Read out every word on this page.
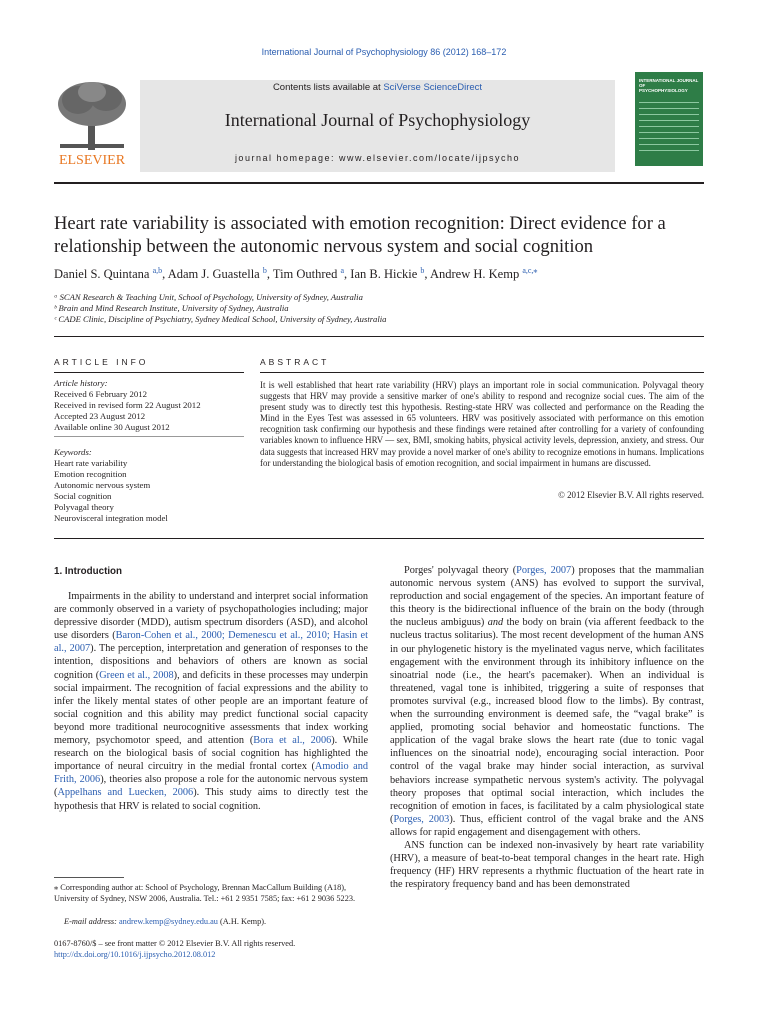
International Journal of Psychophysiology 86 (2012) 168–172
ELSEVIER
Contents lists available at SciVerse ScienceDirect
International Journal of Psychophysiology
journal homepage: www.elsevier.com/locate/ijpsycho
INTERNATIONAL JOURNAL OF
PSYCHOPHYSIOLOGY
Heart rate variability is associated with emotion recognition: Direct evidence for a relationship between the autonomic nervous system and social cognition
Daniel S. Quintana $^{a,b}$, Adam J. Guastella $^b$, Tim Outhred $^a$, Ian B. Hickie $^b$, Andrew H. Kemp $^{a,c,⁎}$
ᵃ SCAN Research & Teaching Unit, School of Psychology, University of Sydney, Australia
ᵇ Brain and Mind Research Institute, University of Sydney, Australia
ᶜ CADE Clinic, Discipline of Psychiatry, Sydney Medical School, University of Sydney, Australia
ARTICLE INFO
Article history:
Received 6 February 2012
Received in revised form 22 August 2012
Accepted 23 August 2012
Available online 30 August 2012
Keywords:
Heart rate variability
Emotion recognition
Autonomic nervous system
Social cognition
Polyvagal theory
Neurovisceral integration model
ABSTRACT
It is well established that heart rate variability (HRV) plays an important role in social communication. Polyvagal theory suggests that HRV may provide a sensitive marker of one's ability to respond and recognize social cues. The aim of the present study was to directly test this hypothesis. Resting-state HRV was collected and performance on the Reading the Mind in the Eyes Test was assessed in 65 volunteers. HRV was positively associated with performance on this emotion recognition task confirming our hypothesis and these findings were retained after controlling for a variety of confounding variables known to influence HRV — sex, BMI, smoking habits, physical activity levels, depression, anxiety, and stress. Our data suggests that increased HRV may provide a novel marker of one's ability to recognize emotions in humans. Implications for understanding the biological basis of emotion recognition, and social impairment in humans are discussed.
© 2012 Elsevier B.V. All rights reserved.
1. Introduction

Impairments in the ability to understand and interpret social information are commonly observed in a variety of psychopathologies including; major depressive disorder (MDD), autism spectrum disorders (ASD), and alcohol use disorders (Baron-Cohen et al., 2000; Demenescu et al., 2010; Hasin et al., 2007). The perception, interpretation and generation of responses to the intention, dispositions and behaviors of others are known as social cognition (Green et al., 2008), and deficits in these processes may underpin social impairment. The recognition of facial expressions and the ability to infer the likely mental states of other people are an important feature of social cognition and this ability may predict functional social capacity beyond more traditional neurocognitive assessments that index working memory, psychomotor speed, and attention (Bora et al., 2006). While research on the biological basis of social cognition has highlighted the importance of neural circuitry in the medial frontal cortex (Amodio and Frith, 2006), theories also propose a role for the autonomic nervous system (Appelhans and Luecken, 2006). This study aims to directly test the hypothesis that HRV is related to social cognition.

Porges' polyvagal theory (Porges, 2007) proposes that the mammalian autonomic nervous system (ANS) has evolved to support the survival, reproduction and social engagement of the species. An important feature of this theory is the bidirectional influence of the brain on the body (through the nucleus ambiguus) and the body on brain (via afferent feedback to the nucleus tractus solitarius). The most recent development of the human ANS in our phylogenetic history is the myelinated vagus nerve, which facilitates engagement with the environment through its inhibitory influence on the sinoatrial node (i.e., the heart's pacemaker). When an individual is threatened, vagal tone is inhibited, triggering a suite of responses that promotes survival (e.g., increased blood flow to the limbs). By contrast, when the surrounding environment is deemed safe, the “vagal brake” is applied, promoting social behavior and homeostatic functions. The application of the vagal brake slows the heart rate (due to tonic vagal influences on the sinoatrial node), encouraging social interaction. Poor control of the vagal brake may hinder social interaction, as survival behaviors increase sympathetic nervous system's activity. The polyvagal theory proposes that optimal social interaction, which includes the recognition of emotion in faces, is facilitated by a calm physiological state (Porges, 2003). Thus, efficient control of the vagal brake and the ANS allows for rapid engagement and disengagement with others.

ANS function can be indexed non-invasively by heart rate variability (HRV), a measure of beat-to-beat temporal changes in the heart rate. High frequency (HF) HRV represents a rhythmic fluctuation of the heart rate in the respiratory frequency band and has been demonstrated

⁎ Corresponding author at: School of Psychology, Brennan MacCallum Building (A18), University of Sydney, NSW 2006, Australia. Tel.: +61 2 9351 7585; fax: +61 2 9036 5223.
E-mail address: andrew.kemp@sydney.edu.au (A.H. Kemp).
0167-8760/$ – see front matter © 2012 Elsevier B.V. All rights reserved.
http://dx.doi.org/10.1016/j.ijpsycho.2012.08.012
